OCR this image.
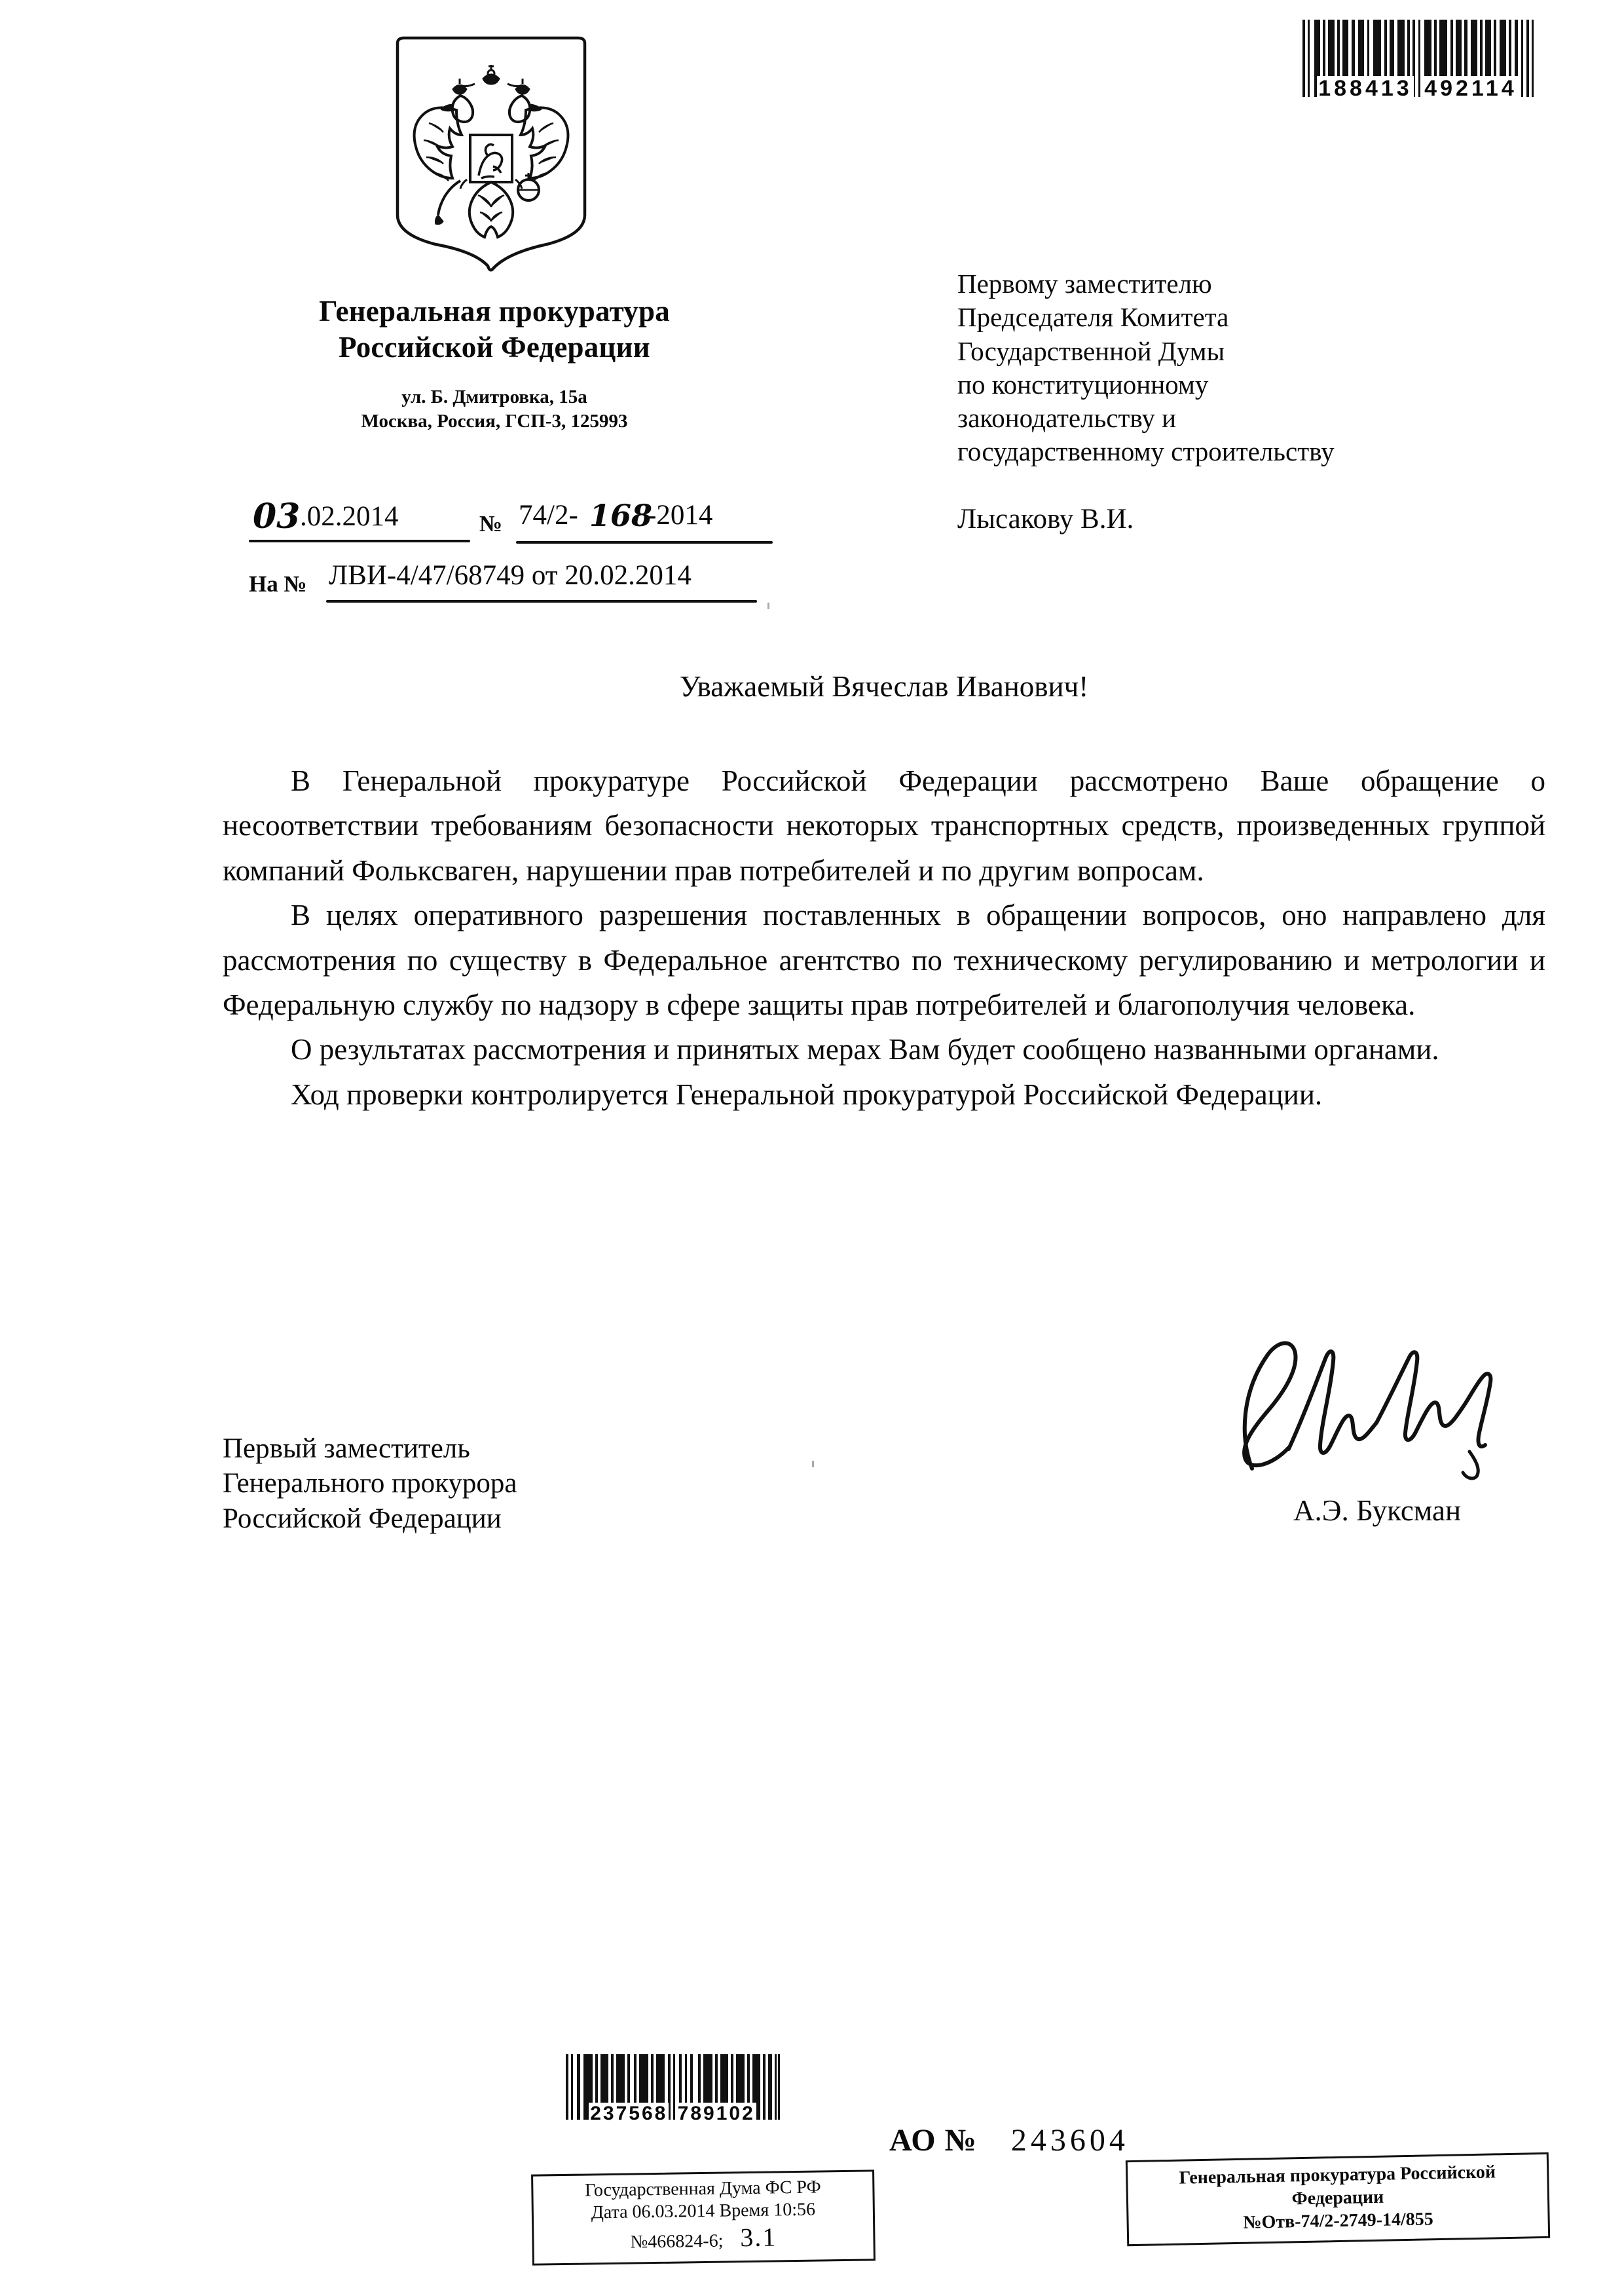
188413 492114
Генеральная прокуратура
Российской Федерации
ул. Б. Дмитровка, 15а
Москва, Россия, ГСП-3, 125993
03 .02.2014	№ 74/2- 168
-2014
На № ЛВИ-4/47/68749 от 20.02.2014
Первому заместителю
Председателя Комитета
Государственной Думы
по конституционному
законодательству и
государственному строительству
Лысакову В.И.
Уважаемый Вячеслав Иванович!

В Генеральной прокуратуре Российской Федерации рассмотрено Ваше обращение о несоответствии требованиям безопасности некоторых транспортных средств, произведенных группой компаний Фольксваген, нарушении прав потребителей и по другим вопросам.

В целях оперативного разрешения поставленных в обращении вопросов, оно направлено для рассмотрения по существу в Федеральное агентство по техническому регулированию и метрологии и Федеральную службу по надзору в сфере защиты прав потребителей и благополучия человека.

О результатах рассмотрения и принятых мерах Вам будет сообщено названными органами.

Ход проверки контролируется Генеральной прокуратурой Российской Федерации.

Первый заместитель
Генерального прокурора
Российской Федерации	А.Э. Буксман
237568 789102
Государственная Дума ФС РФ
Дата 06.03.2014 Время 10:56
№466824-6; 3.1
АО № 243604
Генеральная прокуратура Российской
Федерации
№Отв-74/2-2749-14/855
